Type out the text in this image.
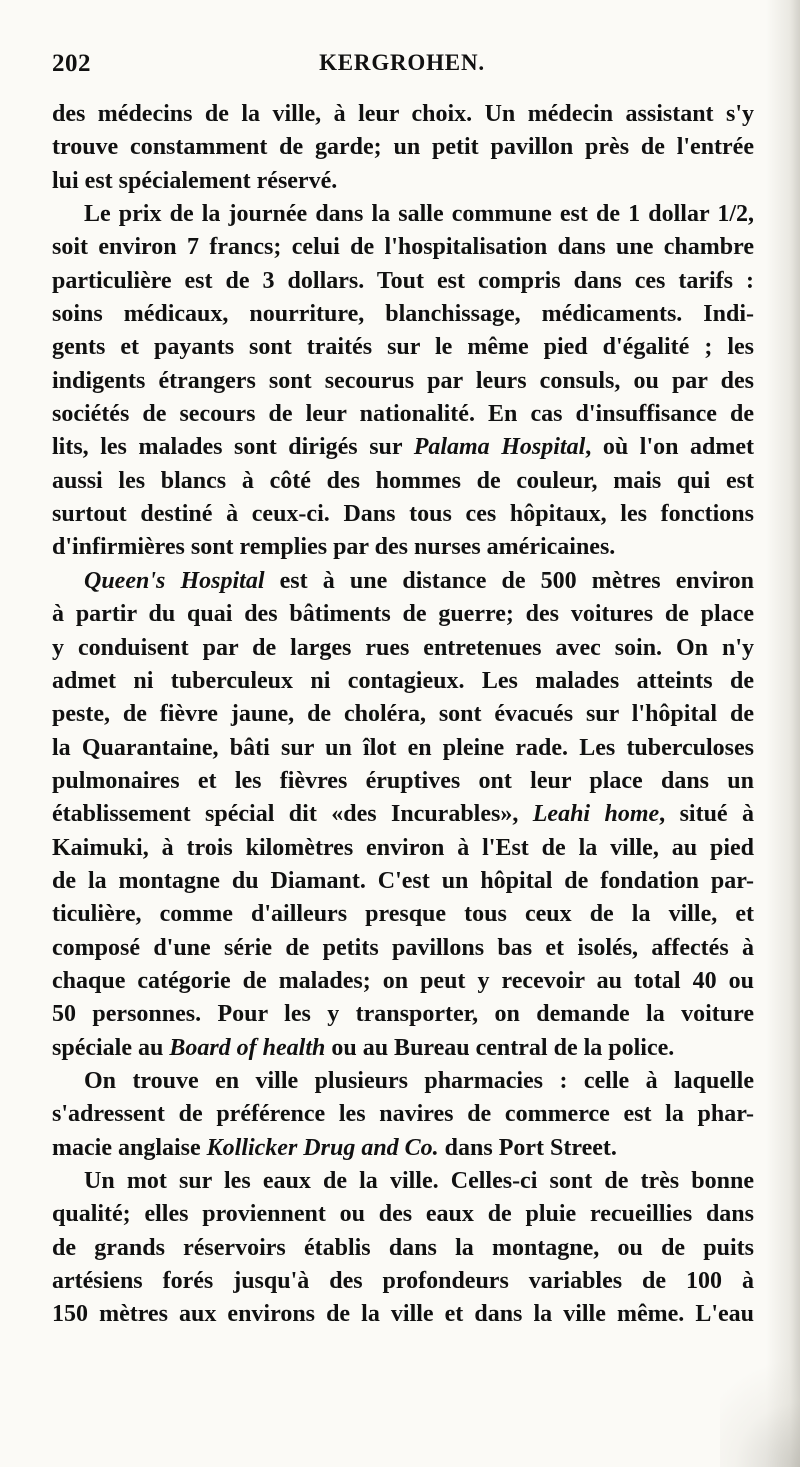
202	KERGROHEN.
des médecins de la ville, à leur choix. Un médecin assistant s'y
trouve constamment de garde; un petit pavillon près de l'entrée
lui est spécialement réservé.
Le prix de la journée dans la salle commune est de 1 dollar 1/2,
soit environ 7 francs; celui de l'hospitalisation dans une chambre
particulière est de 3 dollars. Tout est compris dans ces tarifs :
soins médicaux, nourriture, blanchissage, médicaments. Indi-
gents et payants sont traités sur le même pied d'égalité ; les
indigents étrangers sont secourus par leurs consuls, ou par des
sociétés de secours de leur nationalité. En cas d'insuffisance de
lits, les malades sont dirigés sur Palama Hospital, où l'on admet
aussi les blancs à côté des hommes de couleur, mais qui est
surtout destiné à ceux-ci. Dans tous ces hôpitaux, les fonctions
d'infirmières sont remplies par des nurses américaines.
Queen's Hospital est à une distance de 500 mètres environ
à partir du quai des bâtiments de guerre; des voitures de place
y conduisent par de larges rues entretenues avec soin. On n'y
admet ni tuberculeux ni contagieux. Les malades atteints de
peste, de fièvre jaune, de choléra, sont évacués sur l'hôpital de
la Quarantaine, bâti sur un îlot en pleine rade. Les tuberculoses
pulmonaires et les fièvres éruptives ont leur place dans un
établissement spécial dit «des Incurables», Leahi home, situé à
Kaimuki, à trois kilomètres environ à l'Est de la ville, au pied
de la montagne du Diamant. C'est un hôpital de fondation par-
ticulière, comme d'ailleurs presque tous ceux de la ville, et
composé d'une série de petits pavillons bas et isolés, affectés à
chaque catégorie de malades; on peut y recevoir au total 40 ou
50 personnes. Pour les y transporter, on demande la voiture
spéciale au Board of health ou au Bureau central de la police.
On trouve en ville plusieurs pharmacies : celle à laquelle
s'adressent de préférence les navires de commerce est la phar-
macie anglaise Kollicker Drug and Co. dans Port Street.
Un mot sur les eaux de la ville. Celles-ci sont de très bonne
qualité; elles proviennent ou des eaux de pluie recueillies dans
de grands réservoirs établis dans la montagne, ou de puits
artésiens forés jusqu'à des profondeurs variables de 100 à
150 mètres aux environs de la ville et dans la ville même. L'eau
